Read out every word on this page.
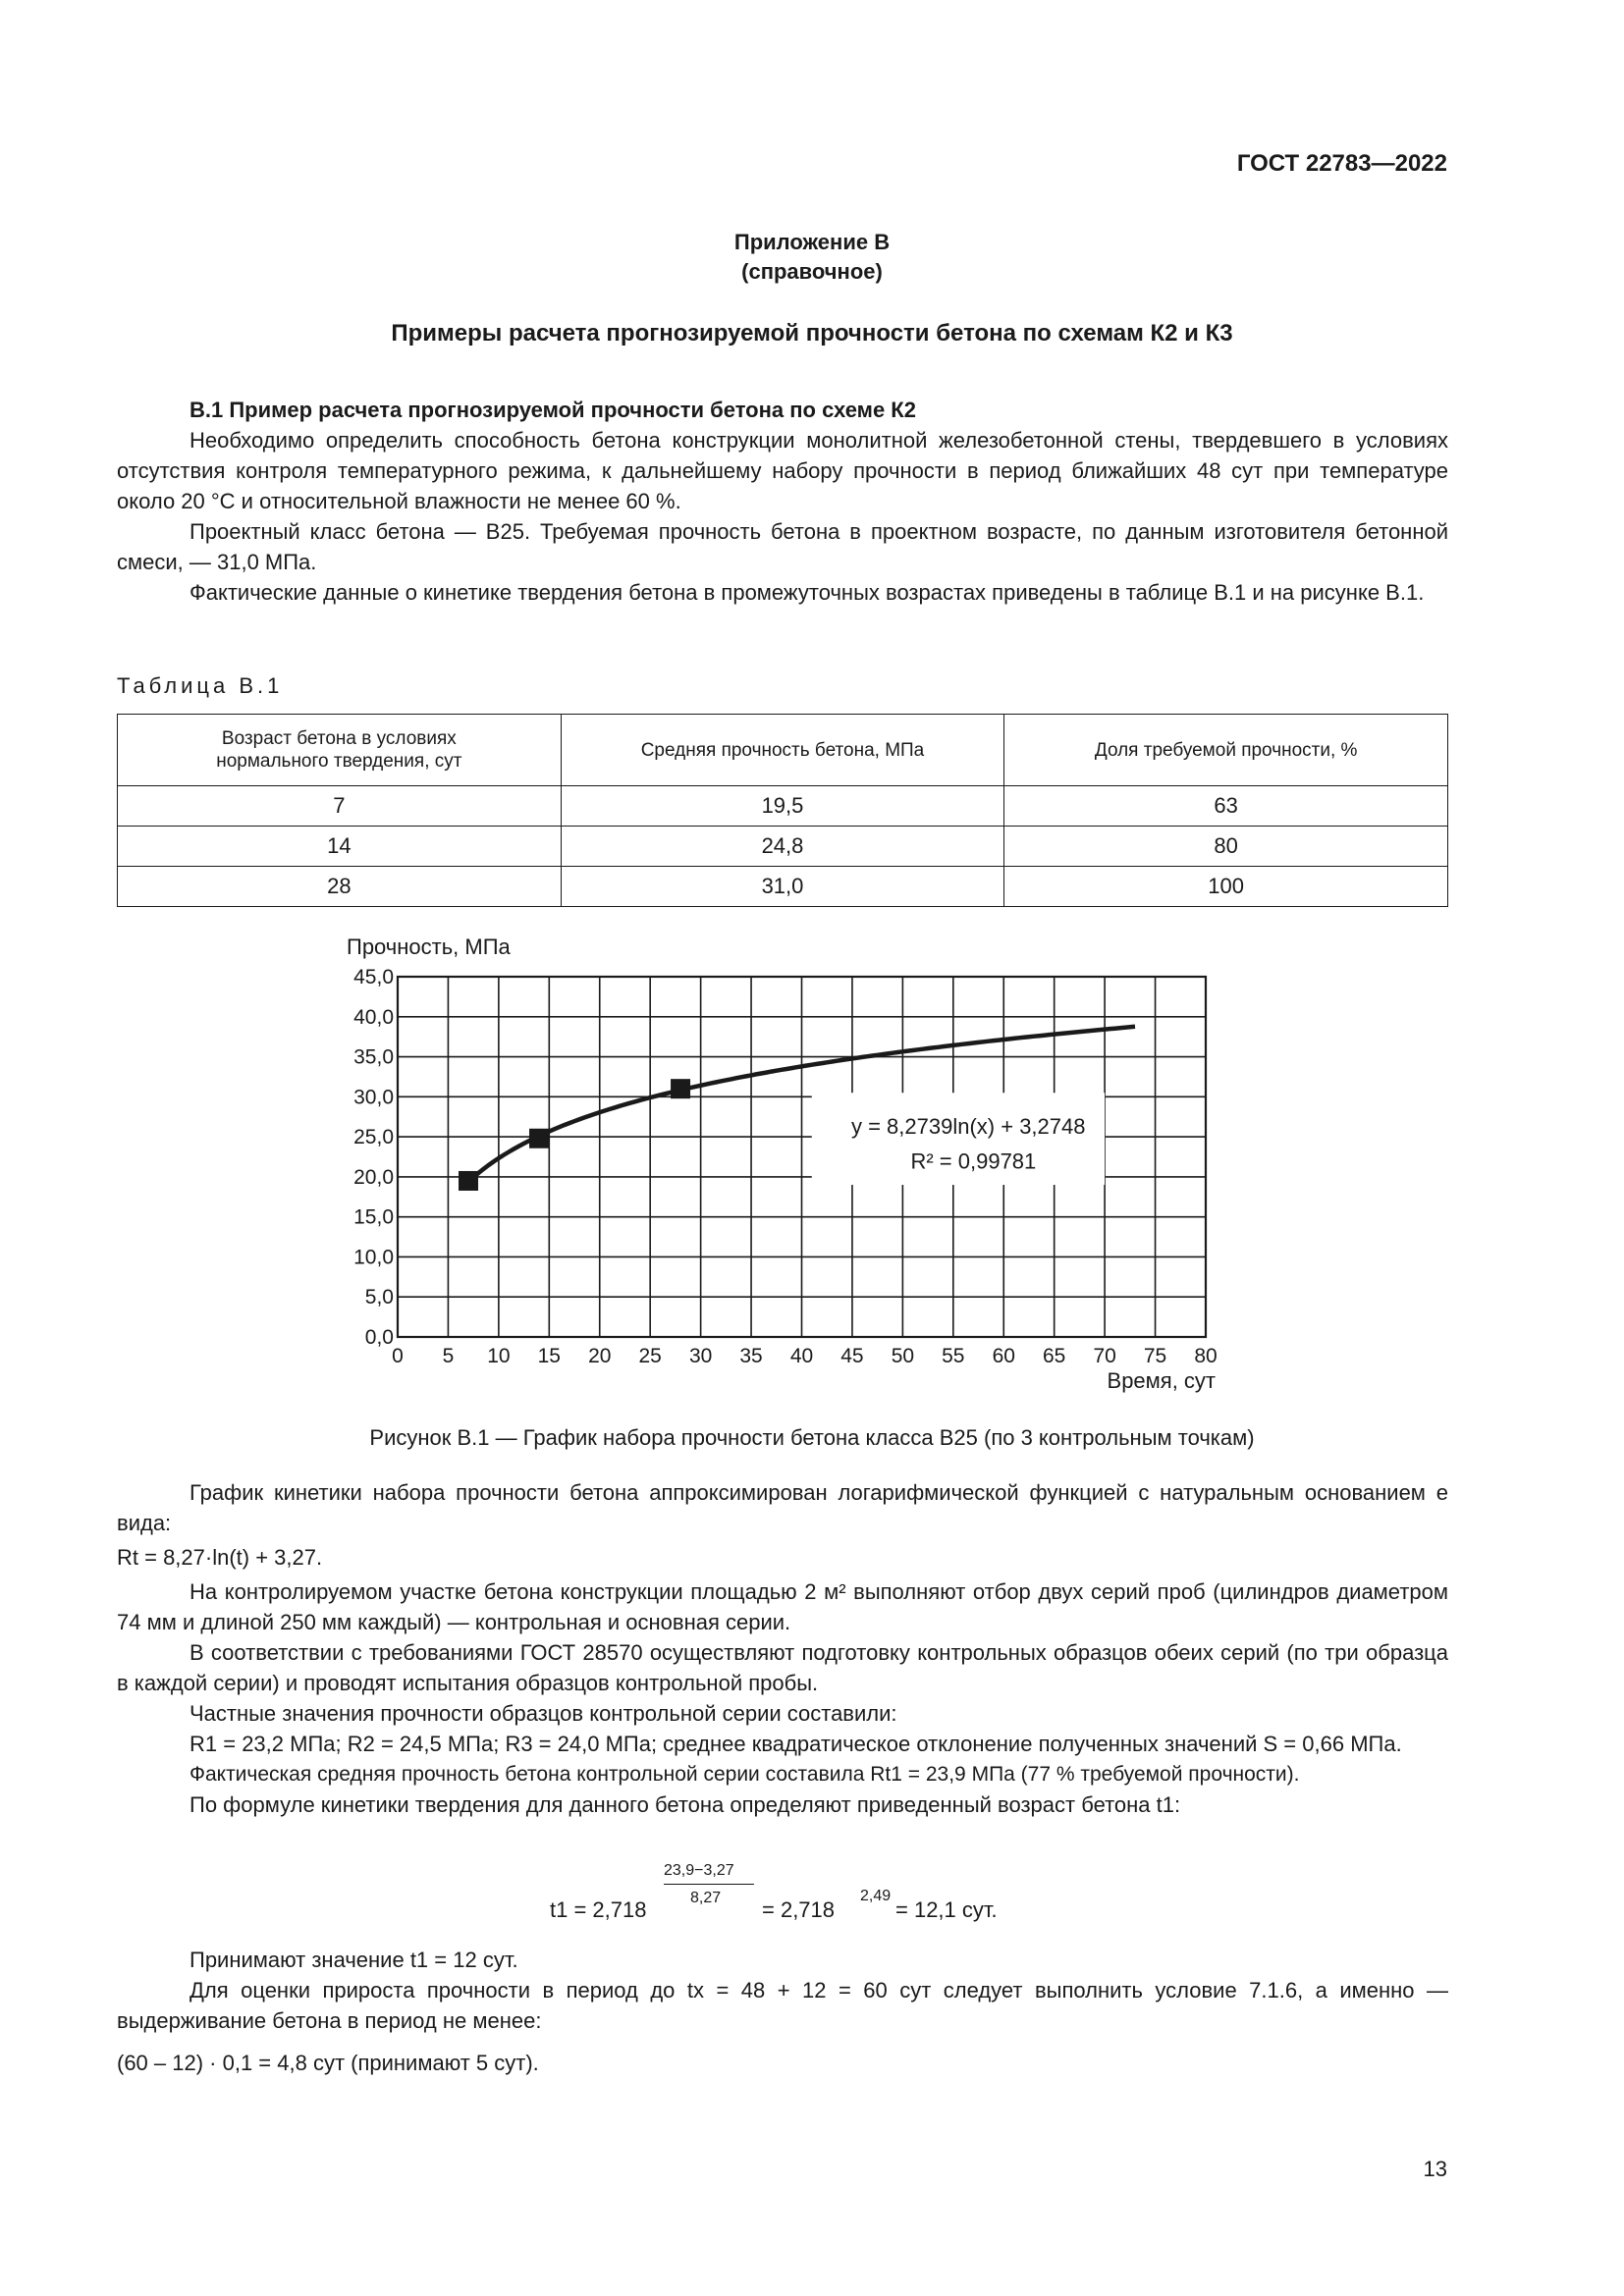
ГОСТ 22783—2022
Приложение В
(справочное)
Примеры расчета прогнозируемой прочности бетона по схемам К2 и К3

В.1 Пример расчета прогнозируемой прочности бетона по схеме К2

Необходимо определить способность бетона конструкции монолитной железобетонной стены, твердевшего в условиях отсутствия контроля температурного режима, к дальнейшему набору прочности в период ближайших 48 сут при температуре около 20 °С и относительной влажности не менее 60 %.

Проектный класс бетона — В25. Требуемая прочность бетона в проектном возрасте, по данным изготовителя бетонной смеси, — 31,0 МПа.

Фактические данные о кинетике твердения бетона в промежуточных возрастах приведены в таблице В.1 и на рисунке В.1.

Таблица В.1
Возраст бетона в условиях нормального твердения, сут	Средняя прочность бетона, МПа	Доля требуемой прочности, %
7	19,5	63
14	24,8	80
28	31,0	100
0 5 10 15 20 25 30 35 40 45 50 55 60 65 70 75 80
0,0
5,0
10,0
15,0
20,0
25,0
30,0
35,0
40,0
45,0
y = 8,2739ln(x) + 3,2748
R² = 0,99781
Прочность, МПа
Время, сут
Рисунок В.1 — График набора прочности бетона класса В25 (по 3 контрольным точкам)

График кинетики набора прочности бетона аппроксимирован логарифмической функцией с натуральным основанием e вида:

Rt = 8,27·ln(t) + 3,27.

На контролируемом участке бетона конструкции площадью 2 м² выполняют отбор двух серий проб (цилиндров диаметром 74 мм и длиной 250 мм каждый) — контрольная и основная серии.

В соответствии с требованиями ГОСТ 28570 осуществляют подготовку контрольных образцов обеих серий (по три образца в каждой серии) и проводят испытания образцов контрольной пробы.

Частные значения прочности образцов контрольной серии составили:

R1 = 23,2 МПа; R2 = 24,5 МПа; R3 = 24,0 МПа; среднее квадратическое отклонение полученных значений S = 0,66 МПа.

Фактическая средняя прочность бетона контрольной серии составила Rt1 = 23,9 МПа (77 % требуемой прочности).

По формуле кинетики твердения для данного бетона определяют приведенный возраст бетона t1:

t1 = 2,718
23,9−3,27
8,27 = 2,718
2,49
= 12,1 сут.

Принимают значение t1 = 12 сут.

Для оценки прироста прочности в период до tx = 48 + 12 = 60 сут следует выполнить условие 7.1.6, а именно — выдерживание бетона в период не менее:

(60 – 12) · 0,1 = 4,8 сут (принимают 5 сут).

13
